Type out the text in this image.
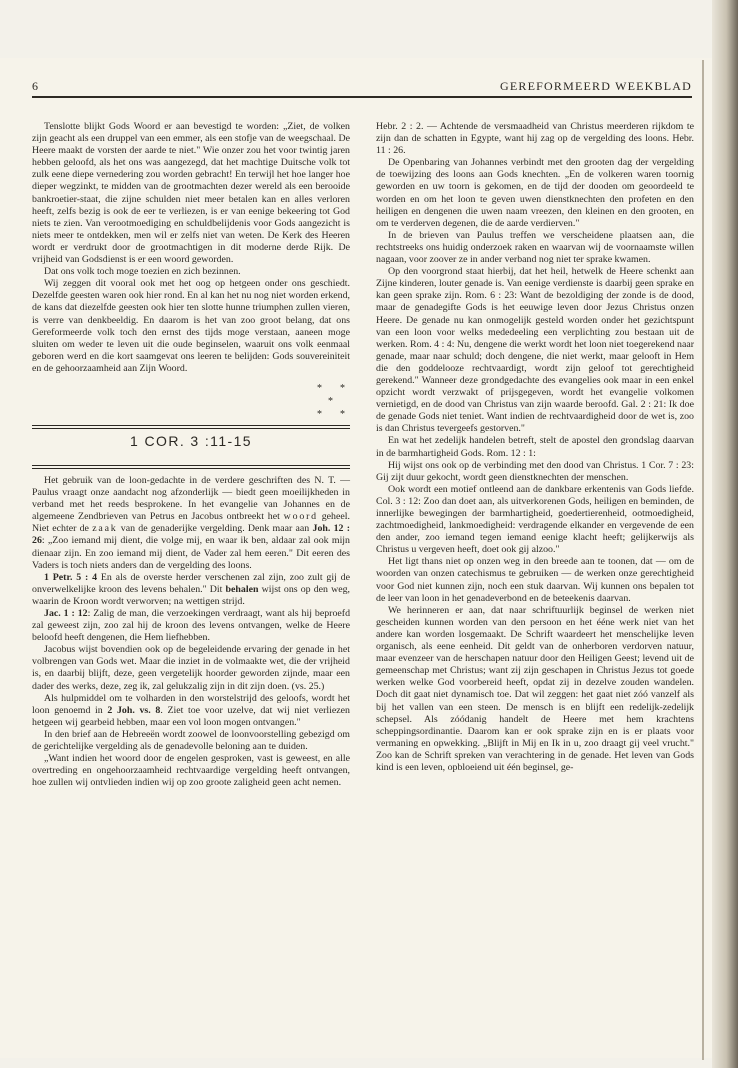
6	GEREFORMEERD WEEKBLAD

Tenslotte blijkt Gods Woord er aan bevestigd te worden: „Ziet, de volken zijn geacht als een druppel van een emmer, als een stofje van de weegschaal. De Heere maakt de vorsten der aarde te niet." Wie onzer zou het voor twintig jaren hebben geloofd, als het ons was aangezegd, dat het machtige Duitsche volk tot zulk eene diepe vernedering zou worden gebracht! En terwijl het hoe langer hoe dieper wegzinkt, te midden van de grootmachten dezer wereld als een berooide bankroetier-staat, die zijne schulden niet meer betalen kan en alles verloren heeft, zelfs bezig is ook de eer te verliezen, is er van eenige bekeering tot God niets te zien. Van verootmoediging en schuldbelijdenis voor Gods aangezicht is niets meer te ontdekken, men wil er zelfs niet van weten. De Kerk des Heeren wordt er verdrukt door de grootmachtigen in dit moderne derde Rijk. De vrijheid van Godsdienst is er een woord geworden.

Dat ons volk toch moge toezien en zich bezinnen.

Wij zeggen dit vooral ook met het oog op hetgeen onder ons geschiedt. Dezelfde geesten waren ook hier rond. En al kan het nu nog niet worden erkend, de kans dat diezelfde geesten ook hier ten slotte hunne triumphen zullen vieren, is verre van denkbeeldig. En daarom is het van zoo groot belang, dat ons Gereformeerde volk toch den ernst des tijds moge verstaan, aaneen moge sluiten om weder te leven uit die oude beginselen, waaruit ons volk eenmaal geboren werd en die kort saamgevat ons leeren te belijden: Gods souvereiniteit en de gehoorzaamheid aan Zijn Woord.

* *
*
* *
1 COR. 3 :11-15

Het gebruik van de loon-gedachte in de verdere geschriften des N. T. — Paulus vraagt onze aandacht nog afzonderlijk — biedt geen moeilijkheden in verband met het reeds besprokene. In het evangelie van Johannes en de algemeene Zendbrieven van Petrus en Jacobus ontbreekt het woord geheel. Niet echter de zaak van de genaderijke vergelding. Denk maar aan Joh. 12 : 26: „Zoo iemand mij dient, die volge mij, en waar ik ben, aldaar zal ook mijn dienaar zijn. En zoo iemand mij dient, de Vader zal hem eeren." Dit eeren des Vaders is toch niets anders dan de vergelding des loons.

1 Petr. 5 : 4 En als de overste herder verschenen zal zijn, zoo zult gij de onverwelkelijke kroon des levens behalen." Dit behalen wijst ons op den weg, waarin de Kroon wordt verworven; na wettigen strijd.

Jac. 1 : 12: Zalig de man, die verzoekingen verdraagt, want als hij beproefd zal geweest zijn, zoo zal hij de kroon des levens ontvangen, welke de Heere beloofd heeft dengenen, die Hem liefhebben.

Jacobus wijst bovendien ook op de begeleidende ervaring der genade in het volbrengen van Gods wet. Maar die inziet in de volmaakte wet, die der vrijheid is, en daarbij blijft, deze, geen vergetelijk hoorder geworden zijnde, maar een dader des werks, deze, zeg ik, zal gelukzalig zijn in dit zijn doen. (vs. 25.)

Als hulpmiddel om te volharden in den worstelstrijd des geloofs, wordt het loon genoemd in 2 Joh. vs. 8. Ziet toe voor uzelve, dat wij niet verliezen hetgeen wij gearbeid hebben, maar een vol loon mogen ontvangen."

In den brief aan de Hebreeën wordt zoowel de loonvoorstelling gebezigd om de gerichtelijke vergelding als de genadevolle beloning aan te duiden.

„Want indien het woord door de engelen gesproken, vast is geweest, en alle overtreding en ongehoorzaamheid rechtvaardige vergelding heeft ontvangen, hoe zullen wij ontvlieden indien wij op zoo groote zaligheid geen acht nemen.

Hebr. 2 : 2. — Achtende de versmaadheid van Christus meerderen rijkdom te zijn dan de schatten in Egypte, want hij zag op de vergelding des loons. Hebr. 11 : 26.

De Openbaring van Johannes verbindt met den grooten dag der vergelding de toewijzing des loons aan Gods knechten. „En de volkeren waren toornig geworden en uw toorn is gekomen, en de tijd der dooden om geoordeeld te worden en om het loon te geven uwen dienstknechten den profeten en den heiligen en dengenen die uwen naam vreezen, den kleinen en den grooten, en om te verderven degenen, die de aarde verdierven."

In de brieven van Paulus treffen we verscheidene plaatsen aan, die rechtstreeks ons huidig onderzoek raken en waarvan wij de voornaamste willen nagaan, voor zoover ze in ander verband nog niet ter sprake kwamen.

Op den voorgrond staat hierbij, dat het heil, hetwelk de Heere schenkt aan Zijne kinderen, louter genade is. Van eenige verdienste is daarbij geen sprake en kan geen sprake zijn. Rom. 6 : 23: Want de bezoldiging der zonde is de dood, maar de genadegifte Gods is het eeuwige leven door Jezus Christus onzen Heere. De genade nu kan onmogelijk gesteld worden onder het gezichtspunt van een loon voor welks mededeeling een verplichting zou bestaan uit de werken. Rom. 4 : 4: Nu, dengene die werkt wordt het loon niet toegerekend naar genade, maar naar schuld; doch dengene, die niet werkt, maar gelooft in Hem die den goddelooze rechtvaardigt, wordt zijn geloof tot gerechtigheid gerekend." Wanneer deze grondgedachte des evangelies ook maar in een enkel opzicht wordt verzwakt of prijsgegeven, wordt het evangelie volkomen vernietigd, en de dood van Christus van zijn waarde beroofd. Gal. 2 : 21: Ik doe de genade Gods niet teniet. Want indien de rechtvaardigheid door de wet is, zoo is dan Christus tevergeefs gestorven."

En wat het zedelijk handelen betreft, stelt de apostel den grondslag daarvan in de barmhartigheid Gods. Rom. 12 : 1:

Hij wijst ons ook op de verbinding met den dood van Christus. 1 Cor. 7 : 23: Gij zijt duur gekocht, wordt geen dienstknechten der menschen.

Ook wordt een motief ontleend aan de dankbare erkentenis van Gods liefde. Col. 3 : 12: Zoo dan doet aan, als uitverkorenen Gods, heiligen en beminden, de innerlijke bewegingen der barmhartigheid, goedertierenheid, ootmoedigheid, zachtmoedigheid, lankmoedigheid: verdragende elkander en vergevende de een den ander, zoo iemand tegen iemand eenige klacht heeft; gelijkerwijs als Christus u vergeven heeft, doet ook gij alzoo."

Het ligt thans niet op onzen weg in den breede aan te toonen, dat — om de woorden van onzen catechismus te gebruiken — de werken onze gerechtigheid voor God niet kunnen zijn, noch een stuk daarvan. Wij kunnen ons bepalen tot de leer van loon in het genadeverbond en de beteekenis daarvan.

We herinneren er aan, dat naar schriftuurlijk beginsel de werken niet gescheiden kunnen worden van den persoon en het ééne werk niet van het andere kan worden losgemaakt. De Schrift waardeert het menschelijke leven organisch, als eene eenheid. Dit geldt van de onherboren verdorven natuur, maar evenzeer van de herschapen natuur door den Heiligen Geest; levend uit de gemeenschap met Christus; want zij zijn geschapen in Christus Jezus tot goede werken welke God voorbereid heeft, opdat zij in dezelve zouden wandelen. Doch dit gaat niet dynamisch toe. Dat wil zeggen: het gaat niet zóó vanzelf als bij het vallen van een steen. De mensch is en blijft een redelijk-zedelijk schepsel. Als zóódanig handelt de Heere met hem krachtens scheppingsordinantie. Daarom kan er ook sprake zijn en is er plaats voor vermaning en opwekking. „Blijft in Mij en Ik in u, zoo draagt gij veel vrucht." Zoo kan de Schrift spreken van verachtering in de genade. Het leven van Gods kind is een leven, opbloeiend uit één beginsel, ge-
